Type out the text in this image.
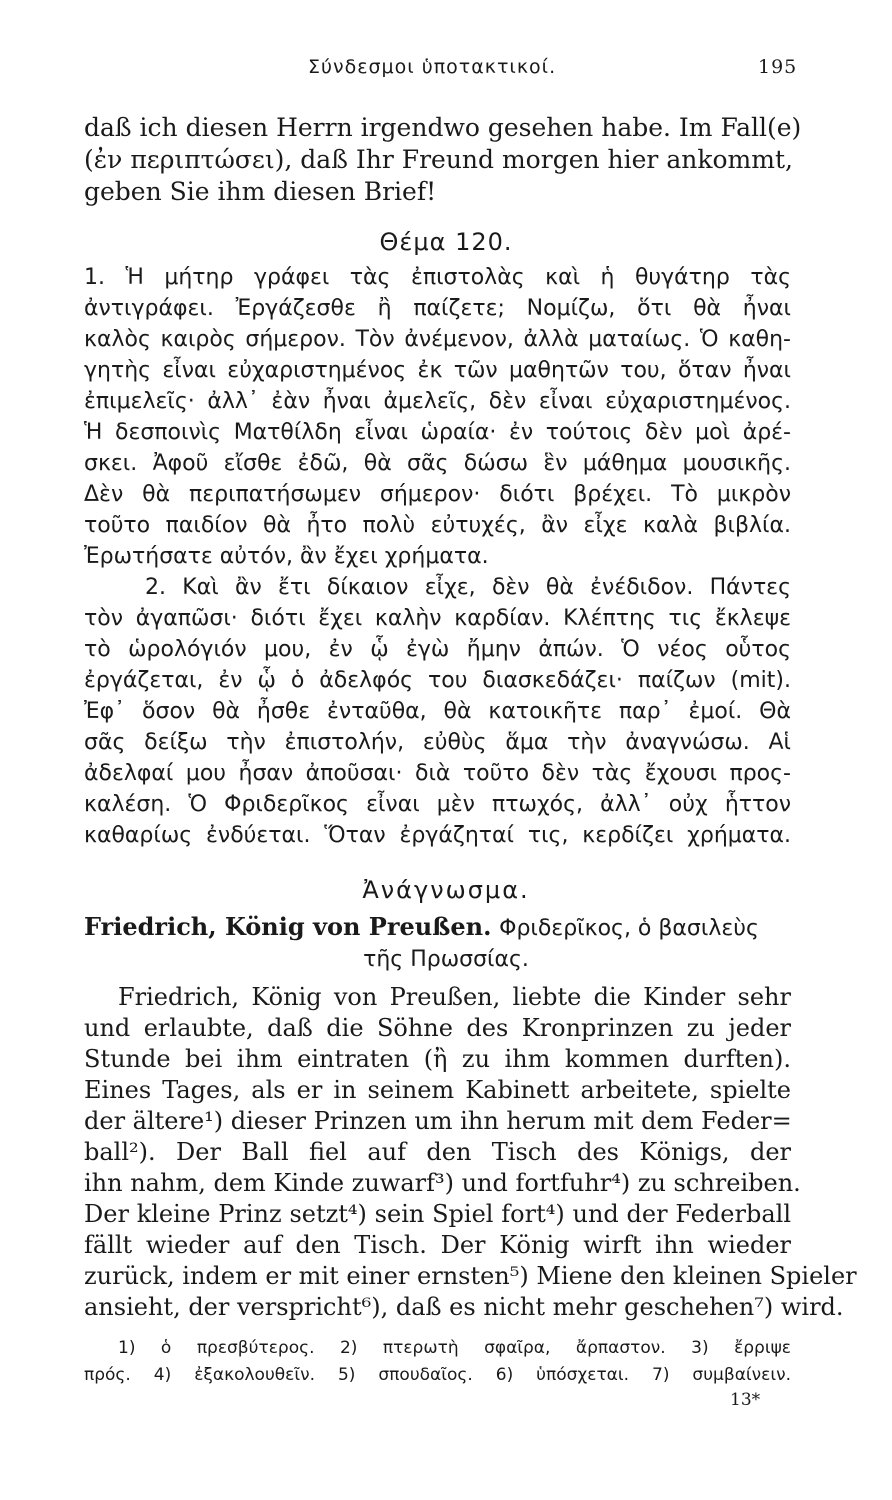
Σύνδεσμοι ὑποτακτικοί.	195
daß ich diesen Herrn irgendwo gesehen habe. Im Fall(e)
(ἐν περιπτώσει), daß Ihr Freund morgen hier ankommt,
geben Sie ihm diesen Brief!
Θέμα 120.
1. Ἡ μήτηρ γράφει τὰς ἐπιστολὰς καὶ ἡ θυγάτηρ τὰς
ἀντιγράφει. Ἐργάζεσθε ἢ παίζετε; Νομίζω, ὅτι θὰ ἦναι
καλὸς καιρὸς σήμερον. Τὸν ἀνέμενον, ἀλλὰ ματαίως. Ὁ καθη-
γητὴς εἶναι εὐχαριστημένος ἐκ τῶν μαθητῶν του, ὅταν ἦναι
ἐπιμελεῖς· ἀλλ᾿ ἐὰν ἦναι ἀμελεῖς, δὲν εἶναι εὐχαριστημένος.
Ἡ δεσποινὶς Ματθίλδη εἶναι ὡραία· ἐν τούτοις δὲν μοὶ ἀρέ-
σκει. Ἀφοῦ εἴσθε ἐδῶ, θὰ σᾶς δώσω ἓν μάθημα μουσικῆς.
Δὲν θὰ περιπατήσωμεν σήμερον· διότι βρέχει. Τὸ μικρὸν
τοῦτο παιδίον θὰ ἦτο πολὺ εὐτυχές, ἂν εἶχε καλὰ βιβλία.
Ἐρωτήσατε αὐτόν, ἂν ἔχει χρήματα.
2. Καὶ ἂν ἔτι δίκαιον εἶχε, δὲν θὰ ἐνέδιδον. Πάντες
τὸν ἀγαπῶσι· διότι ἔχει καλὴν καρδίαν. Κλέπτης τις ἔκλεψε
τὸ ὡρολόγιόν μου, ἐν ᾧ ἐγὼ ἤμην ἀπών. Ὁ νέος οὗτος
ἐργάζεται, ἐν ᾧ ὁ ἀδελφός του διασκεδάζει· παίζων (mit).
Ἐφ᾿ ὅσον θὰ ἦσθε ἐνταῦθα, θὰ κατοικῆτε παρ᾿ ἐμοί. Θὰ
σᾶς δείξω τὴν ἐπιστολήν, εὐθὺς ἅμα τὴν ἀναγνώσω. Αἱ
ἀδελφαί μου ἦσαν ἀποῦσαι· διὰ τοῦτο δὲν τὰς ἔχουσι προς-
καλέση. Ὁ Φριδερῖκος εἶναι μὲν πτωχός, ἀλλ᾿ οὐχ ἧττον
καθαρίως ἐνδύεται. Ὅταν ἐργάζηταί τις, κερδίζει χρήματα.
Ἀνάγνωσμα.
Friedrich, König von Preußen. Φριδερῖκος, ὁ βασιλεὺς
τῆς Πρωσσίας.
Friedrich, König von Preußen, liebte die Kinder sehr
und erlaubte, daß die Söhne des Kronprinzen zu jeder
Stunde bei ihm eintraten (ἢ zu ihm kommen durften).
Eines Tages, als er in seinem Kabinett arbeitete, spielte
der ältere¹) dieser Prinzen um ihn herum mit dem Feder=
ball²). Der Ball fiel auf den Tisch des Königs, der
ihn nahm, dem Kinde zuwarf³) und fortfuhr⁴) zu schreiben.
Der kleine Prinz setzt⁴) sein Spiel fort⁴) und der Federball
fällt wieder auf den Tisch. Der König wirft ihn wieder
zurück, indem er mit einer ernsten⁵) Miene den kleinen Spieler
ansieht, der verspricht⁶), daß es nicht mehr geschehen⁷) wird.
1) ὁ πρεσβύτερος. 2) πτερωτὴ σφαῖρα, ἄρπαστον. 3) ἔρριψε
πρός. 4) ἐξακολουθεῖν. 5) σπουδαῖος. 6) ὑπόσχεται. 7) συμβαίνειν.
13*
